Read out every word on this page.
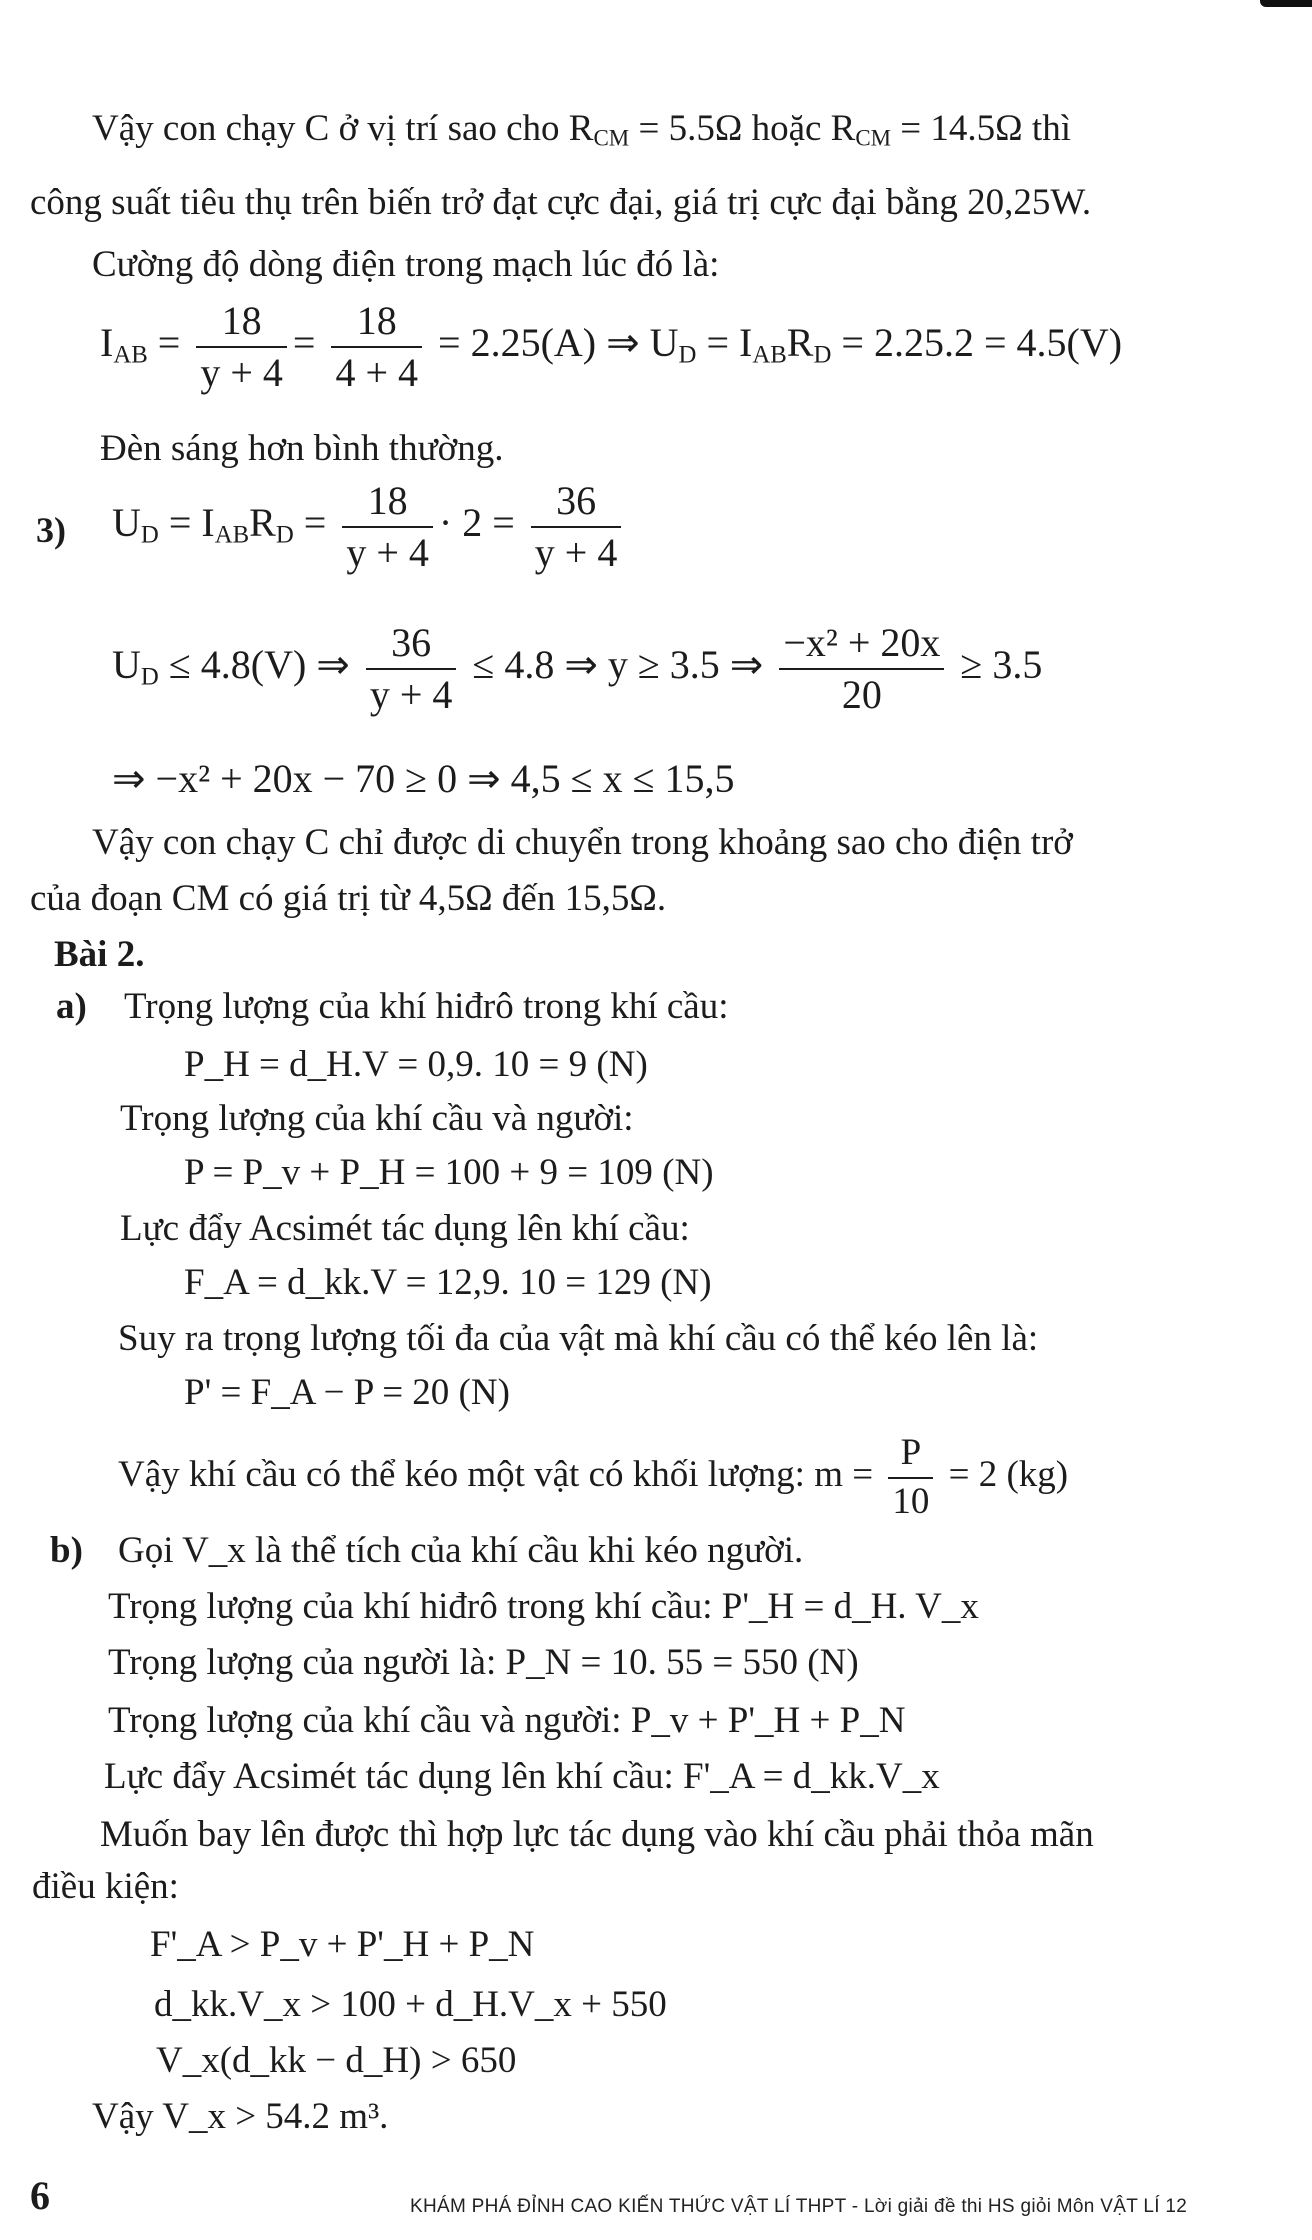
Vậy con chạy C ở vị trí sao cho $R_{CM} = 5.5\Omega$ hoặc $R_{CM} = 14.5\Omega$ thì
công suất tiêu thụ trên biến trở đạt cực đại, giá trị cực đại bằng 20,25W.
Cường độ dòng điện trong mạch lúc đó là:
$I_{AB} = \frac{18}{y + 4} = \frac{18}{4 + 4} = 2.25(A)$ ⇒ $U_D = I_{AB}R_D = 2.25.2 = 4.5(V)$
Đèn sáng hơn bình thường.
3) $U_D = I_{AB}R_D = \frac{18}{y + 4} \cdot 2 = \frac{36}{y + 4}$
$U_D \le 4.8(V)$ ⇒ $\frac{36}{y + 4} \le 4.8$ ⇒ y ≥ 3.5 ⇒ $\frac{\text{−x² + 20x}}{20} \ge 3.5$
⇒ −x² + 20x − 70 ≥ 0 ⇒ 4,5 ≤ x ≤ 15,5
Vậy con chạy C chỉ được di chuyển trong khoảng sao cho điện trở
của đoạn CM có giá trị từ 4,5Ω đến 15,5Ω.
Bài 2.
a) Trọng lượng của khí hiđrô trong khí cầu:
P_H = d_H.V = 0,9. 10 = 9 (N)
Trọng lượng của khí cầu và người:
P = P_v + P_H = 100 + 9 = 109 (N)
Lực đẩy Acsimét tác dụng lên khí cầu:
F_A = d_kk.V = 12,9. 10 = 129 (N)
Suy ra trọng lượng tối đa của vật mà khí cầu có thể kéo lên là:
P' = F_A − P = 20 (N)
Vậy khí cầu có thể kéo một vật có khối lượng: $m = \frac{P}{10} = 2$ (kg)
b) Gọi V_x là thể tích của khí cầu khi kéo người.
Trọng lượng của khí hiđrô trong khí cầu: P'_H = d_H. V_x
Trọng lượng của người là: P_N = 10. 55 = 550 (N)
Trọng lượng của khí cầu và người: P_v + P'_H + P_N
Lực đẩy Acsimét tác dụng lên khí cầu: F'_A = d_kk.V_x
Muốn bay lên được thì hợp lực tác dụng vào khí cầu phải thỏa mãn
điều kiện:
F'_A > P_v + P'_H + P_N
d_kk.V_x > 100 + d_H.V_x + 550
V_x(d_kk − d_H) > 650
Vậy V_x > 54.2 m³.
6	KHÁM PHÁ ĐỈNH CAO KIẾN THỨC VẬT LÍ THPT - Lời giải đề thi HS giỏi Môn VẬT LÍ 12
